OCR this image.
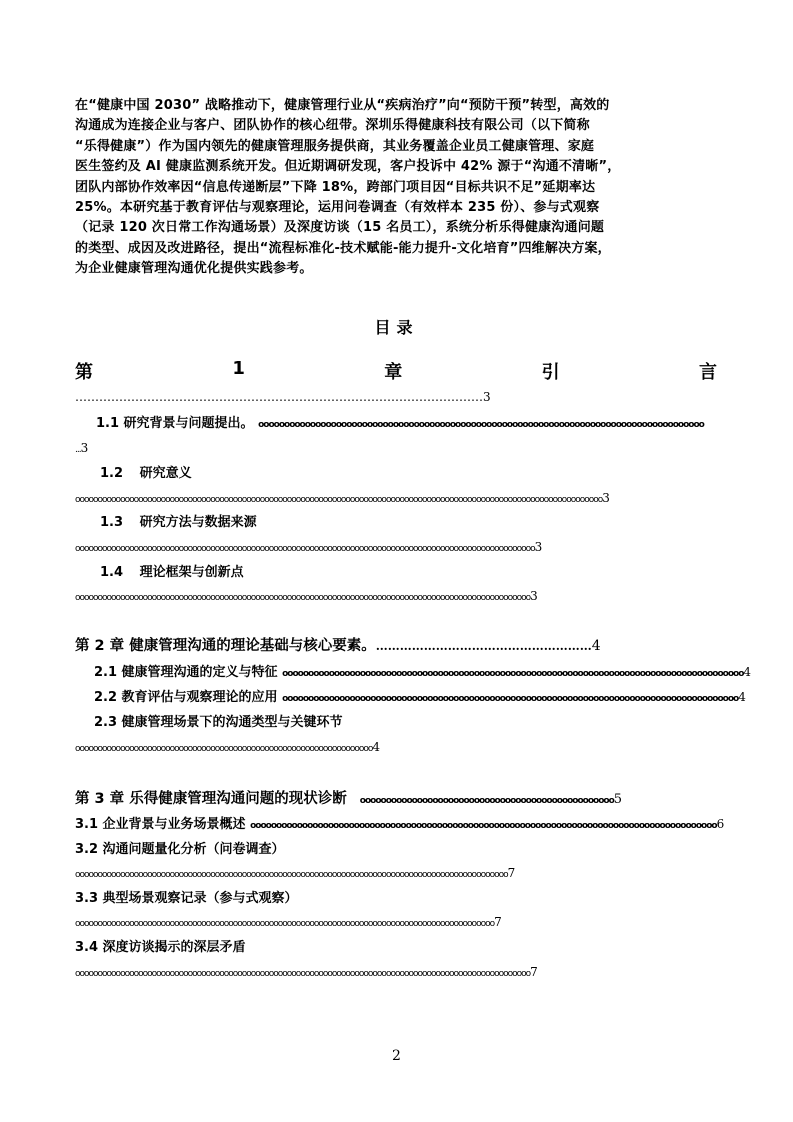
在“健康中国 2030” 战略推动下，健康管理行业从“疾病治疗”向“预防干预”转型，高效的
沟通成为连接企业与客户、团队协作的核心纽带。深圳乐得健康科技有限公司（以下简称
“乐得健康”）作为国内领先的健康管理服务提供商，其业务覆盖企业员工健康管理、家庭
医生签约及 AI 健康监测系统开发。但近期调研发现，客户投诉中 42% 源于“沟通不清晰”，
团队内部协作效率因“信息传递断层”下降 18%，跨部门项目因“目标共识不足”延期率达
25%。本研究基于教育评估与观察理论，运用问卷调查（有效样本 235 份）、参与式观察
（记录 120 次日常工作沟通场景）及深度访谈（15 名员工），系统分析乐得健康沟通问题
的类型、成因及改进路径，提出“流程标准化-技术赋能-能力提升-文化培育”四维解决方案，
为企业健康管理沟通优化提供实践参考。
目录
第	1	章	引	言
…………………………………………………………………………………………3
1.1 研究背景与问题提出。 oooooooooooooooooooooooooooooooooooooooooooooooooooooooooooooooooooooooooooooooooooooo
...3
1.2 研究意义
ooooooooooooooooooooooooooooooooooooooooooooooooooooooooooooooooooooooooooooooooooooooooooooooooooooooooooooooooooooo3
1.3 研究方法与数据来源
oooooooooooooooooooooooooooooooooooooooooooooooooooooooooooooooooooooooooooooooooooooooooooooooooooooo3
1.4 理论框架与创新点
ooooooooooooooooooooooooooooooooooooooooooooooooooooooooooooooooooooooooooooooooooooooooooooooooooooo3
第 2 章 健康管理沟通的理论基础与核心要素。………………………………………………4
2.1 健康管理沟通的定义与特征 ooooooooooooooooooooooooooooooooooooooooooooooooooooooooooooooooooooooooooooooooooooooooo4
2.2 教育评估与观察理论的应用 oooooooooooooooooooooooooooooooooooooooooooooooooooooooooooooooooooooooooooooooooooooooo4
2.3 健康管理场景下的沟通类型与关键环节
oooooooooooooooooooooooooooooooooooooooooooooooooooooooooooooooooo4
第 3 章 乐得健康管理沟通问题的现状诊断 ooooooooooooooooooooooooooooooooooooooooooooooooo5
3.1 企业背景与业务场景概述 oooooooooooooooooooooooooooooooooooooooooooooooooooooooooooooooooooooooooooooooooooooooooo6
3.2 沟通问题量化分析（问卷调查）
oooooooooooooooooooooooooooooooooooooooooooooooooooooooooooooooooooooooooooooooooooooooooooooooo7
3.3 典型场景观察记录（参与式观察）
ooooooooooooooooooooooooooooooooooooooooooooooooooooooooooooooooooooooooooooooooooooooooooooo7
3.4 深度访谈揭示的深层矛盾
ooooooooooooooooooooooooooooooooooooooooooooooooooooooooooooooooooooooooooooooooooooooooooooooooooooo7
2
